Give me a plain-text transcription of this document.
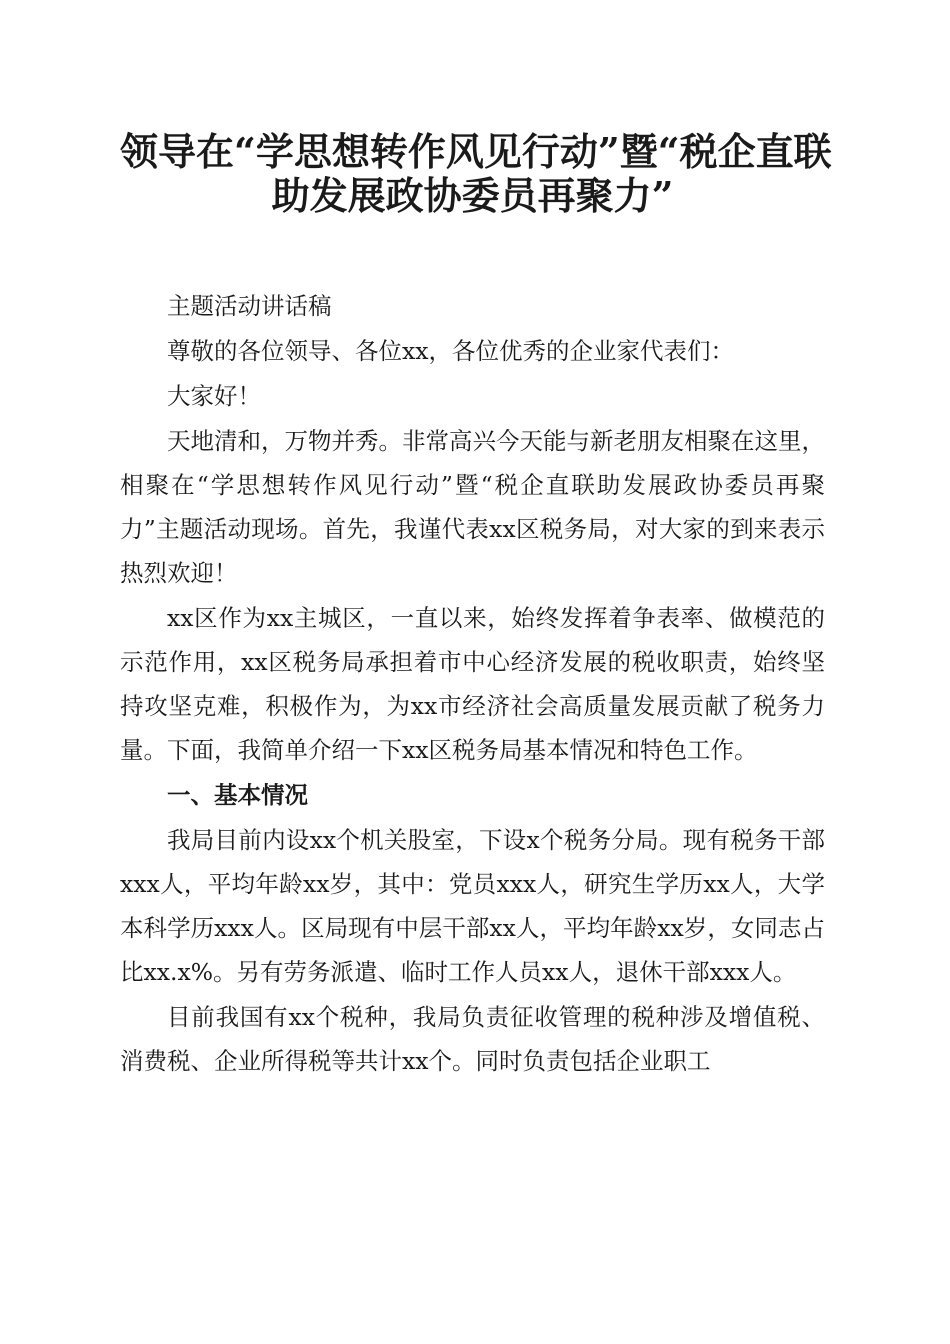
领导在“学思想转作风见行动”暨“税企直联
助发展政协委员再聚力”

主题活动讲话稿

尊敬的各位领导、各位xx，各位优秀的企业家代表们：

大家好！

天地清和，万物并秀。非常高兴今天能与新老朋友相聚在这里，相聚在“学思想转作风见行动”暨“税企直联助发展政协委员再聚力”主题活动现场。首先，我谨代表xx区税务局，对大家的到来表示热烈欢迎！

xx区作为xx主城区，一直以来，始终发挥着争表率、做模范的示范作用，xx区税务局承担着市中心经济发展的税收职责，始终坚持攻坚克难，积极作为，为xx市经济社会高质量发展贡献了税务力量。下面，我简单介绍一下xx区税务局基本情况和特色工作。

一、基本情况

我局目前内设xx个机关股室，下设x个税务分局。现有税务干部xxx人，平均年龄xx岁，其中：党员xxx人，研究生学历xx人，大学本科学历xxx人。区局现有中层干部xx人，平均年龄xx岁，女同志占比xx.x%。另有劳务派遣、临时工作人员xx人，退休干部xxx人。

目前我国有xx个税种，我局负责征收管理的税种涉及增值税、消费税、企业所得税等共计xx个。同时负责包括企业职工
